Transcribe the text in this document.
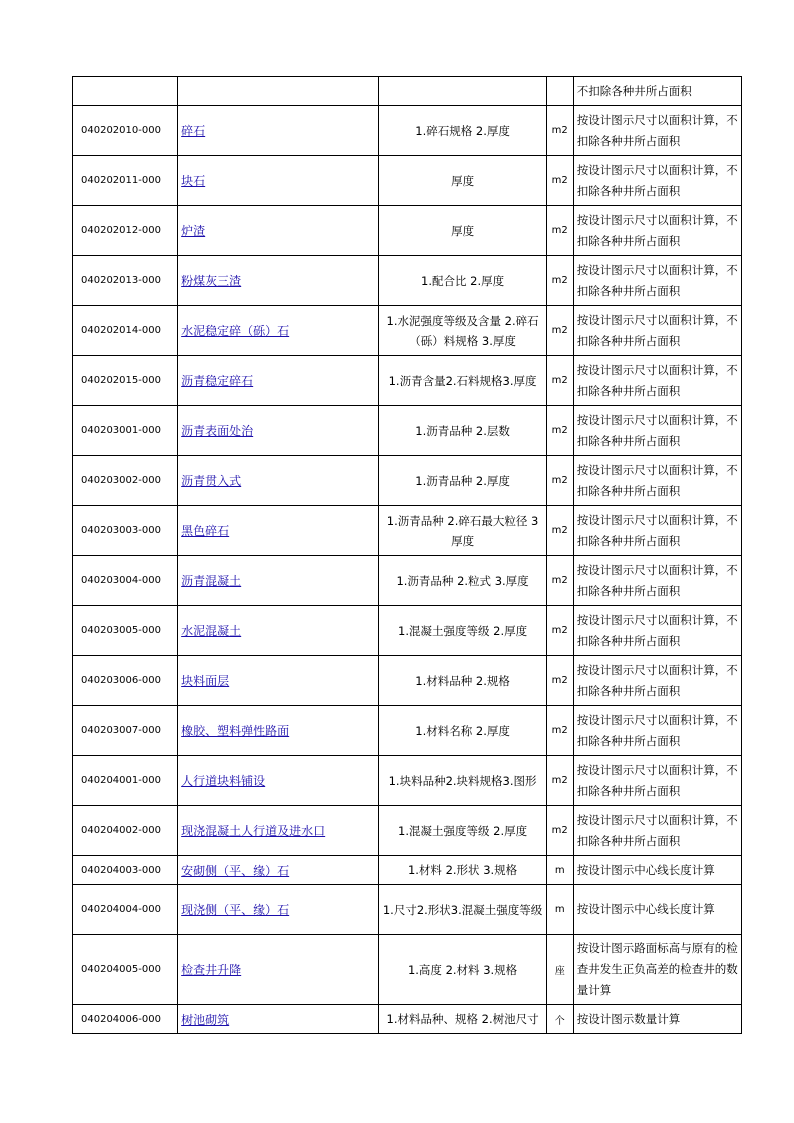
				不扣除各种井所占面积
040202010-000	碎石	1.碎石规格 2.厚度	m2	按设计图示尺寸以面积计算，不扣除各种井所占面积
040202011-000	块石	厚度	m2	按设计图示尺寸以面积计算，不扣除各种井所占面积
040202012-000	炉渣	厚度	m2	按设计图示尺寸以面积计算，不扣除各种井所占面积
040202013-000	粉煤灰三渣	1.配合比 2.厚度	m2	按设计图示尺寸以面积计算，不扣除各种井所占面积
040202014-000	水泥稳定碎（砾）石	1.水泥强度等级及含量 2.碎石（砾）料规格 3.厚度	m2	按设计图示尺寸以面积计算，不扣除各种井所占面积
040202015-000	沥青稳定碎石	1.沥青含量2.石料规格3.厚度	m2	按设计图示尺寸以面积计算，不扣除各种井所占面积
040203001-000	沥青表面处治	1.沥青品种 2.层数	m2	按设计图示尺寸以面积计算，不扣除各种井所占面积
040203002-000	沥青贯入式	1.沥青品种 2.厚度	m2	按设计图示尺寸以面积计算，不扣除各种井所占面积
040203003-000	黑色碎石	1.沥青品种 2.碎石最大粒径 3厚度	m2	按设计图示尺寸以面积计算，不扣除各种井所占面积
040203004-000	沥青混凝土	1.沥青品种 2.粒式 3.厚度	m2	按设计图示尺寸以面积计算，不扣除各种井所占面积
040203005-000	水泥混凝土	1.混凝土强度等级 2.厚度	m2	按设计图示尺寸以面积计算，不扣除各种井所占面积
040203006-000	块料面层	1.材料品种 2.规格	m2	按设计图示尺寸以面积计算，不扣除各种井所占面积
040203007-000	橡胶、塑料弹性路面	1.材料名称 2.厚度	m2	按设计图示尺寸以面积计算，不扣除各种井所占面积
040204001-000	人行道块料铺设	1.块料品种2.块料规格3.图形	m2	按设计图示尺寸以面积计算，不扣除各种井所占面积
040204002-000	现浇混凝土人行道及进水口	1.混凝土强度等级 2.厚度	m2	按设计图示尺寸以面积计算，不扣除各种井所占面积
040204003-000	安砌侧（平、缘）石	1.材料 2.形状 3.规格	m	按设计图示中心线长度计算
040204004-000	现浇侧（平、缘）石	1.尺寸2.形状3.混凝土强度等级	m	按设计图示中心线长度计算
040204005-000	检查井升降	1.高度 2.材料 3.规格	座	按设计图示路面标高与原有的检查井发生正负高差的检查井的数量计算
040204006-000	树池砌筑	1.材料品种、规格 2.树池尺寸	个	按设计图示数量计算
